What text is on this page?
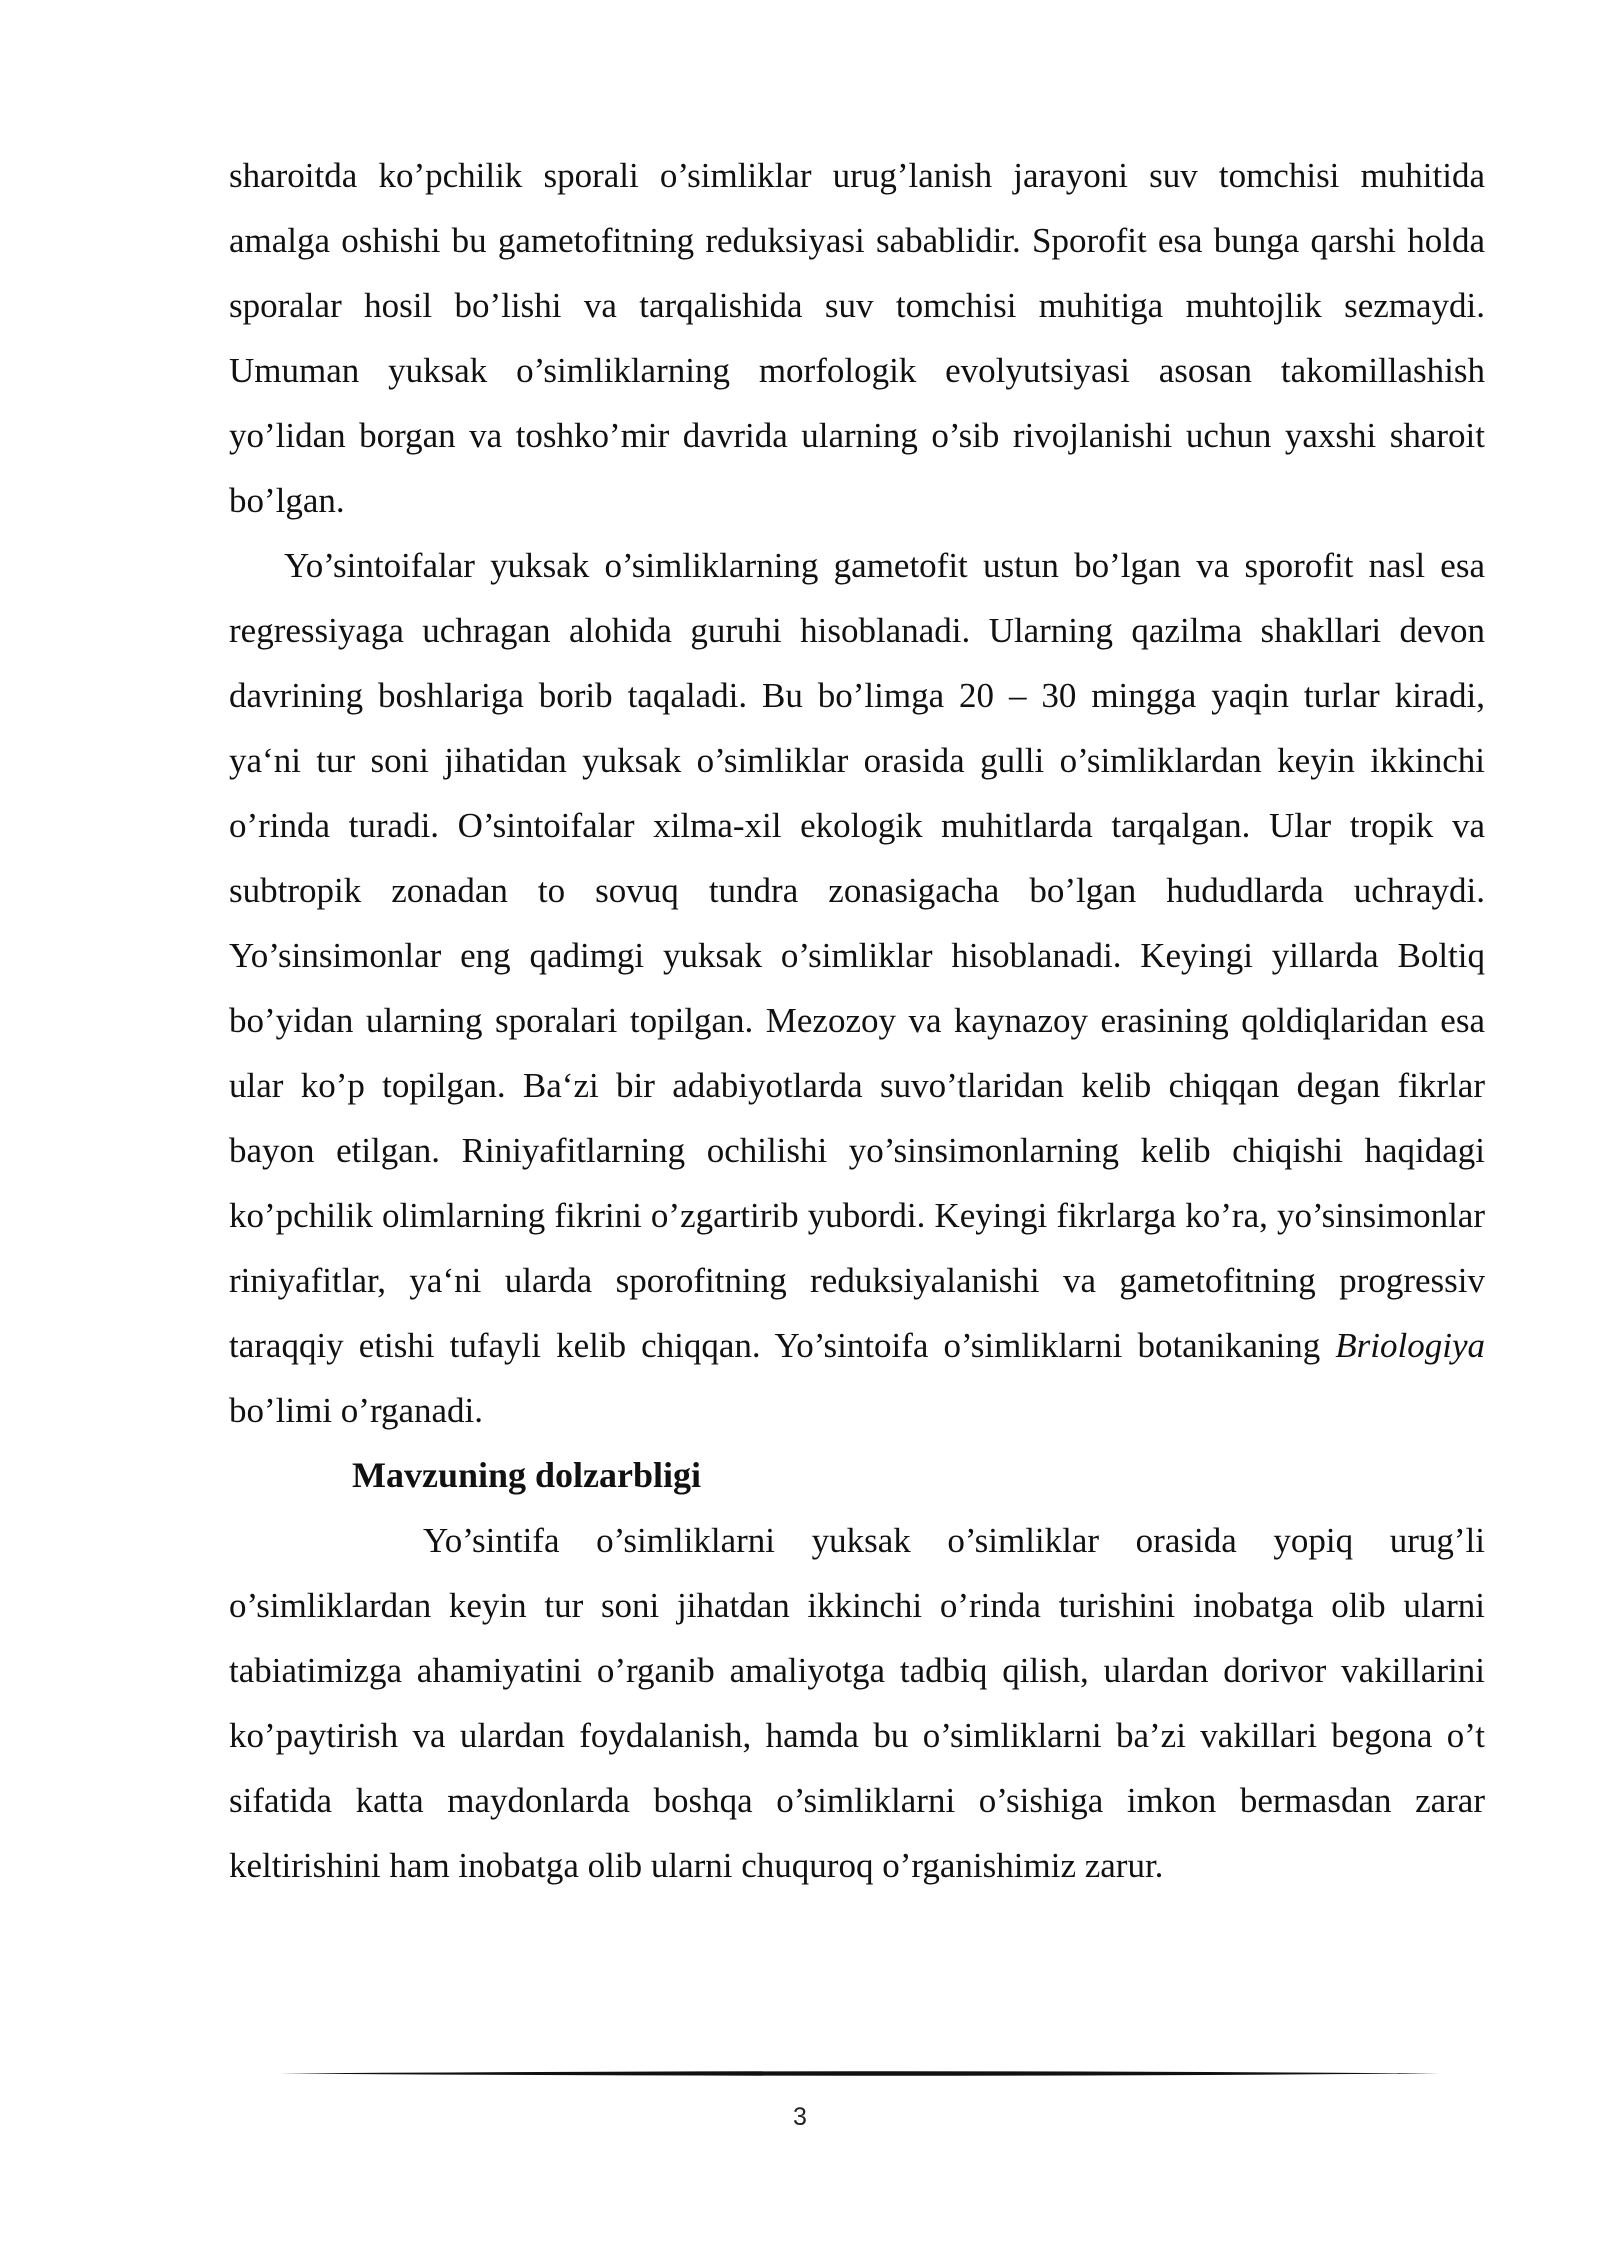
sharoitda ko’pchilik sporali o’simliklar urug’lanish jarayoni suv tomchisi muhitida amalga oshishi bu gametofitning reduksiyasi sabablidir. Sporofit esa bunga qarshi holda sporalar hosil bo’lishi va tarqalishida suv tomchisi muhitiga muhtojlik sezmaydi. Umuman yuksak o’simliklarning morfologik evolyutsiyasi asosan takomillashish yo’lidan borgan va toshko’mir davrida ularning o’sib rivojlanishi uchun yaxshi sharoit bo’lgan.

Yo’sintoifalar yuksak o’simliklarning gametofit ustun bo’lgan va sporofit nasl esa regressiyaga uchragan alohida guruhi hisoblanadi. Ularning qazilma shakllari devon davrining boshlariga borib taqaladi. Bu bo’limga 20 – 30 mingga yaqin turlar kiradi, ya‘ni tur soni jihatidan yuksak o’simliklar orasida gulli o’simliklardan keyin ikkinchi o’rinda turadi. O’sintoifalar xilma-xil ekologik muhitlarda tarqalgan. Ular tropik va subtropik zonadan to sovuq tundra zonasigacha bo’lgan hududlarda uchraydi. Yo’sinsimonlar eng qadimgi yuksak o’simliklar hisoblanadi. Keyingi yillarda Boltiq bo’yidan ularning sporalari topilgan. Mezozoy va kaynazoy erasining qoldiqlaridan esa ular ko’p topilgan. Ba‘zi bir adabiyotlarda suvo’tlaridan kelib chiqqan degan fikrlar bayon etilgan. Riniyafitlarning ochilishi yo’sinsimonlarning kelib chiqishi haqidagi ko’pchilik olimlarning fikrini o’zgartirib yubordi. Keyingi fikrlarga ko’ra, yo’sinsimonlar riniyafitlar, ya‘ni ularda sporofitning reduksiyalanishi va gametofitning progressiv taraqqiy etishi tufayli kelib chiqqan. Yo’sintoifa o’simliklarni botanikaning Briologiya bo’limi o’rganadi.

Mavzuning dolzarbligi

Yo’sintifa o’simliklarni yuksak o’simliklar orasida yopiq urug’li o’simliklardan keyin tur soni jihatdan ikkinchi o’rinda turishini inobatga olib ularni tabiatimizga ahamiyatini o’rganib amaliyotga tadbiq qilish, ulardan dorivor vakillarini ko’paytirish va ulardan foydalanish, hamda bu o’simliklarni ba’zi vakillari begona o’t sifatida katta maydonlarda boshqa o’simliklarni o’sishiga imkon bermasdan zarar keltirishini ham inobatga olib ularni chuquroq o’rganishimiz zarur.

3
